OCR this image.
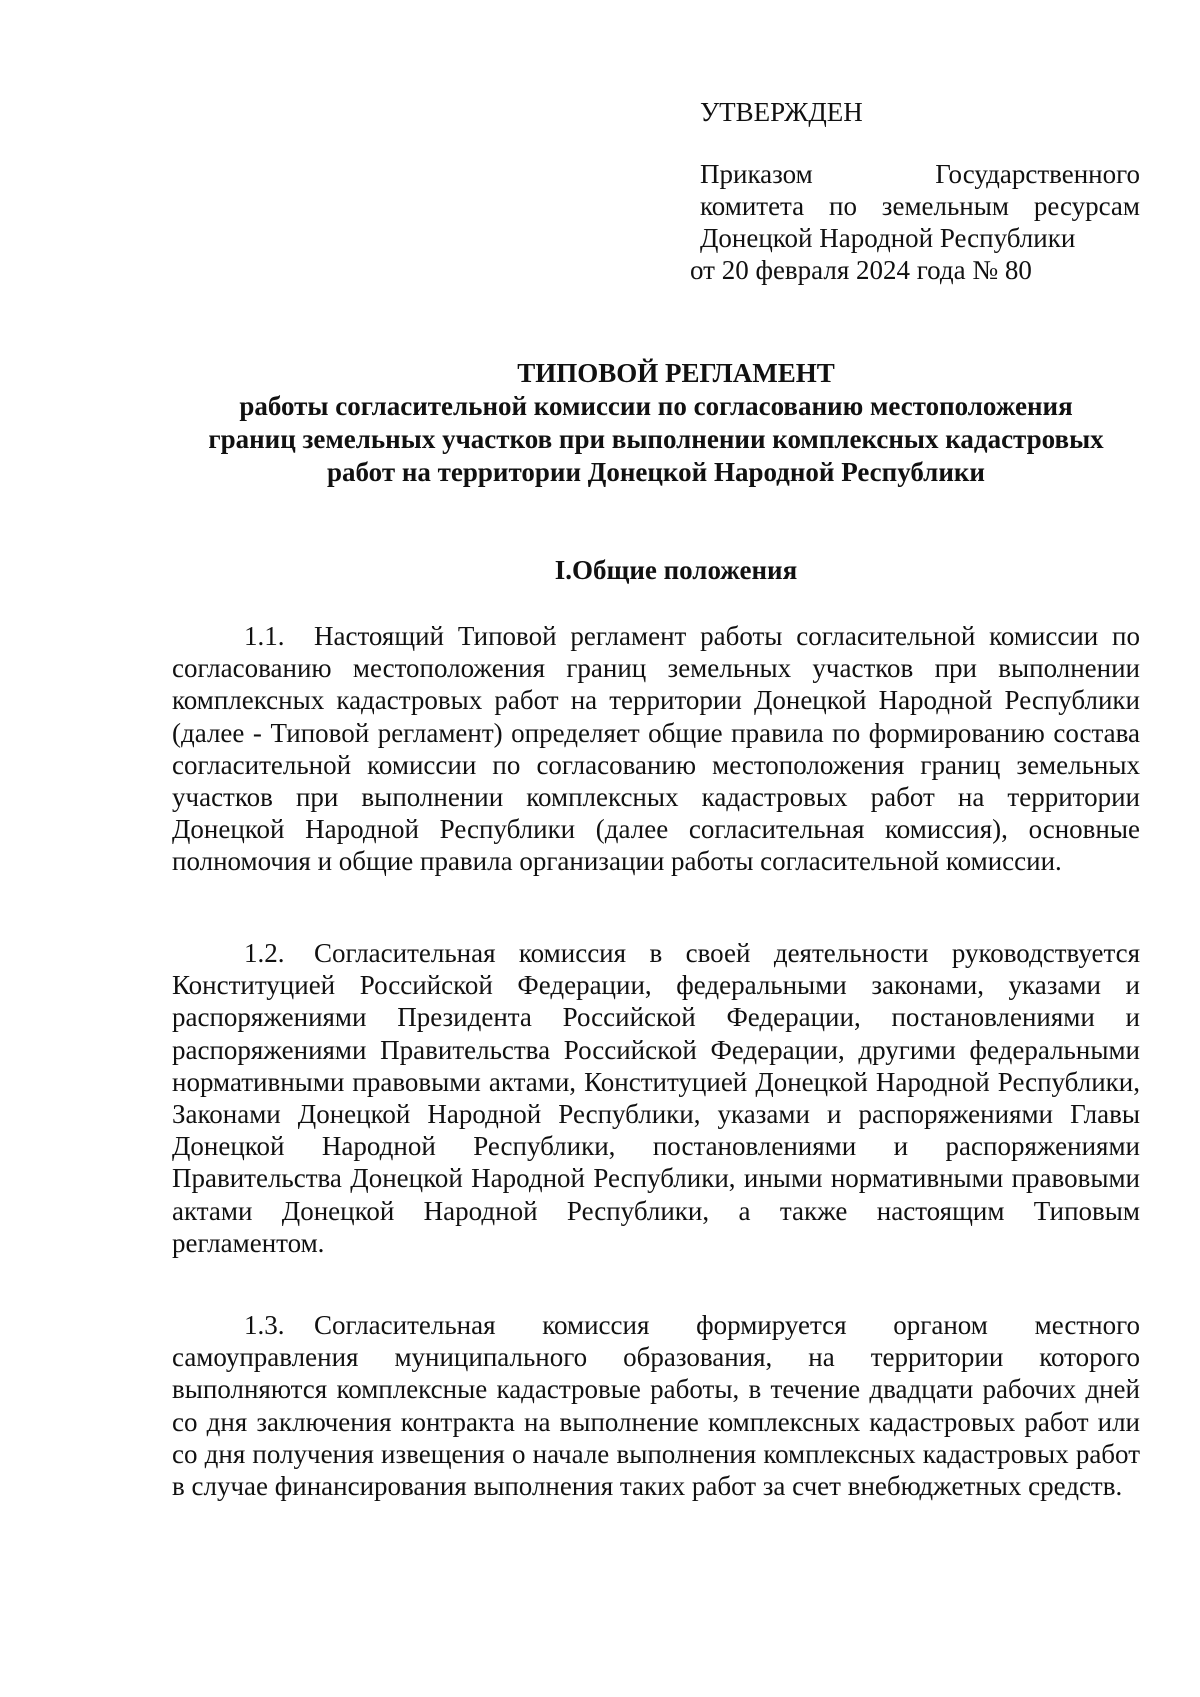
УТВЕРЖДЕН

Приказом Государственного
комитета по земельным ресурсам Донецкой Народной Республики

от 20 февраля 2024 года № 80

ТИПОВОЙ РЕГЛАМЕНТ

работы согласительной комиссии по согласованию местоположения
границ земельных участков при выполнении комплексных кадастровых
работ на территории Донецкой Народной Республики

I.Общие положения

1.1. Настоящий Типовой регламент работы согласительной комиссии по согласованию местоположения границ земельных участков при выполнении комплексных кадастровых работ на территории Донецкой Народной Республики (далее - Типовой регламент) определяет общие правила по формированию состава согласительной комиссии по согласованию местоположения границ земельных участков при выполнении комплексных кадастровых работ на территории Донецкой Народной Республики (далее согласительная комиссия), основные полномочия и общие правила организации работы согласительной комиссии.

1.2. Согласительная комиссия в своей деятельности руководствуется Конституцией Российской Федерации, федеральными законами, указами и распоряжениями Президента Российской Федерации, постановлениями и распоряжениями Правительства Российской Федерации, другими федеральными нормативными правовыми актами, Конституцией Донецкой Народной Республики, Законами Донецкой Народной Республики, указами и распоряжениями Главы Донецкой Народной Республики, постановлениями и распоряжениями Правительства Донецкой Народной Республики, иными нормативными правовыми актами Донецкой Народной Республики, а также настоящим Типовым регламентом.

1.3. Согласительная комиссия формируется органом местного самоуправления муниципального образования, на территории которого выполняются комплексные кадастровые работы, в течение двадцати рабочих дней со дня заключения контракта на выполнение комплексных кадастровых работ или со дня получения извещения о начале выполнения комплексных кадастровых работ в случае финансирования выполнения таких работ за счет внебюджетных средств.
